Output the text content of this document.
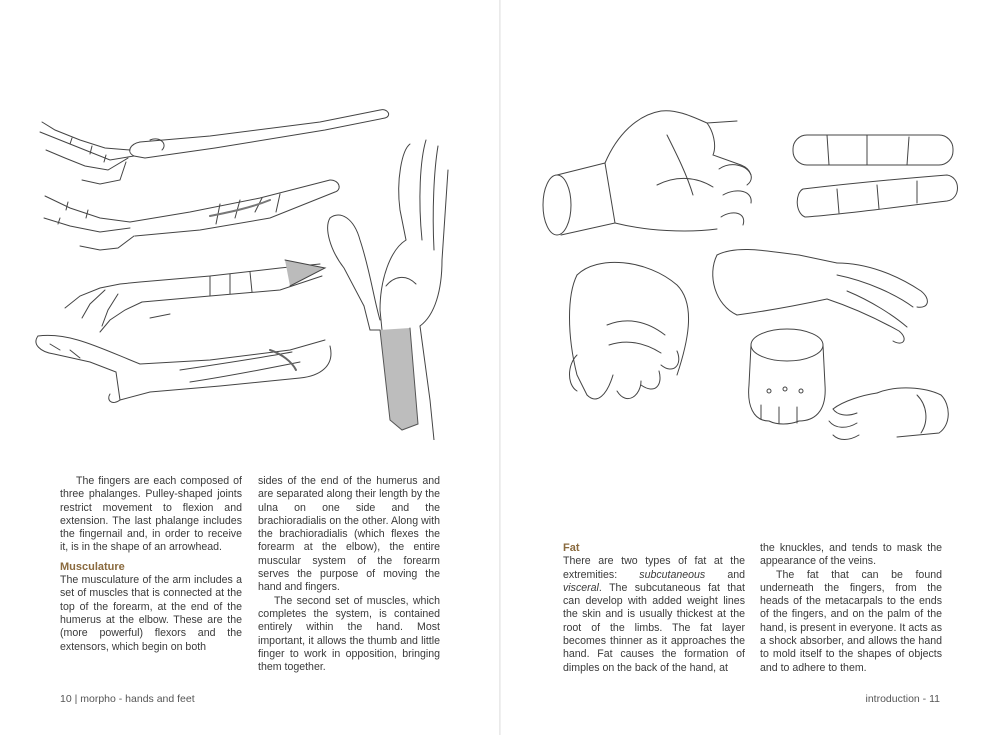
The fingers are each composed of three phalanges. Pulley-shaped joints restrict movement to flexion and extension. The last phalange includes the fingernail and, in order to receive it, is in the shape of an arrowhead.

Musculature

The musculature of the arm includes a set of muscles that is connected at the top of the forearm, at the end of the humerus at the elbow. These are the (more powerful) flexors and the extensors, which begin on both

sides of the end of the humerus and are separated along their length by the ulna on one side and the brachioradialis on the other. Along with the brachioradialis (which flexes the forearm at the elbow), the entire muscular system of the forearm serves the purpose of moving the hand and fingers.

The second set of muscles, which completes the system, is contained entirely within the hand. Most important, it allows the thumb and little finger to work in opposition, bringing them together.

10 | morpho - hands and feet

Fat

There are two types of fat at the extremities: subcutaneous and visceral. The subcutaneous fat that can develop with added weight lines the skin and is usually thickest at the root of the limbs. The fat layer becomes thinner as it approaches the hand. Fat causes the formation of dimples on the back of the hand, at

the knuckles, and tends to mask the appearance of the veins.

The fat that can be found underneath the fingers, from the heads of the metacarpals to the ends of the fingers, and on the palm of the hand, is present in everyone. It acts as a shock absorber, and allows the hand to mold itself to the shapes of objects and to adhere to them.

introduction - 11
